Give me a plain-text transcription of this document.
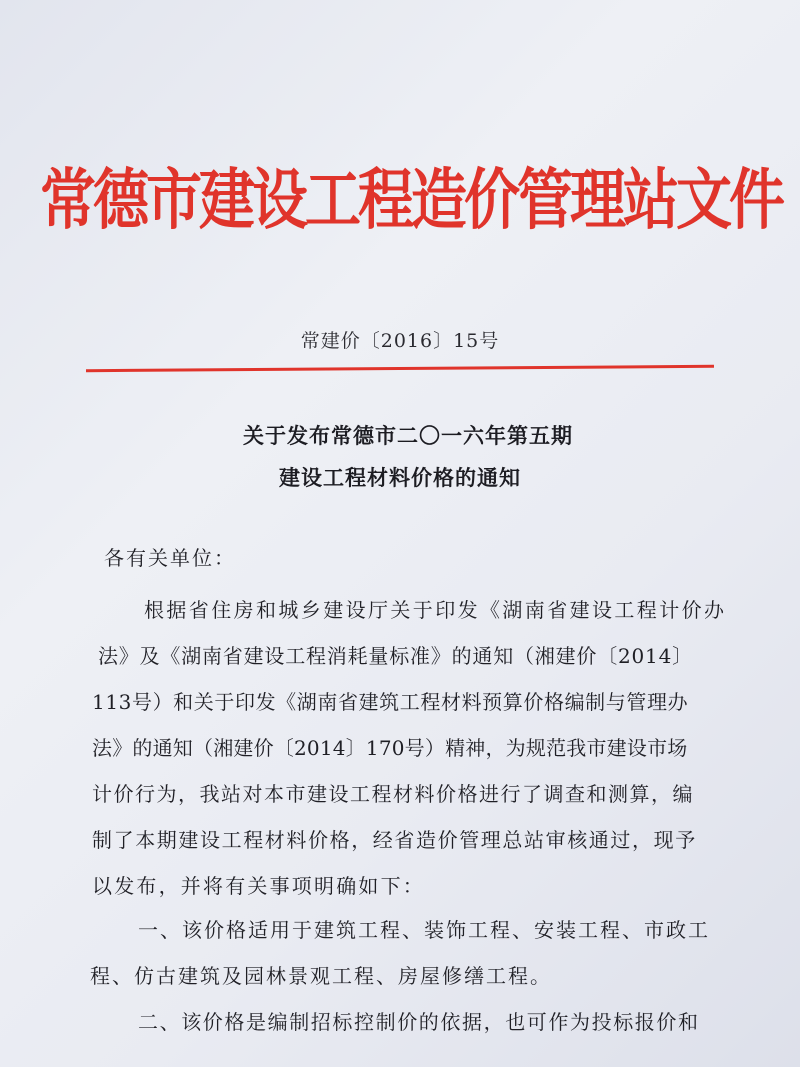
常德市建设工程造价管理站文件
常建价〔2016〕15号
关于发布常德市二〇一六年第五期
建设工程材料价格的通知
各有关单位：
根据省住房和城乡建设厅关于印发《湖南省建设工程计价办
法》及《湖南省建设工程消耗量标准》的通知（湘建价〔2014〕
113号）和关于印发《湖南省建筑工程材料预算价格编制与管理办
法》的通知（湘建价〔2014〕170号）精神，为规范我市建设市场
计价行为，我站对本市建设工程材料价格进行了调查和测算，编
制了本期建设工程材料价格，经省造价管理总站审核通过，现予
以发布，并将有关事项明确如下：
一、该价格适用于建筑工程、装饰工程、安装工程、市政工
程、仿古建筑及园林景观工程、房屋修缮工程。
二、该价格是编制招标控制价的依据，也可作为投标报价和
